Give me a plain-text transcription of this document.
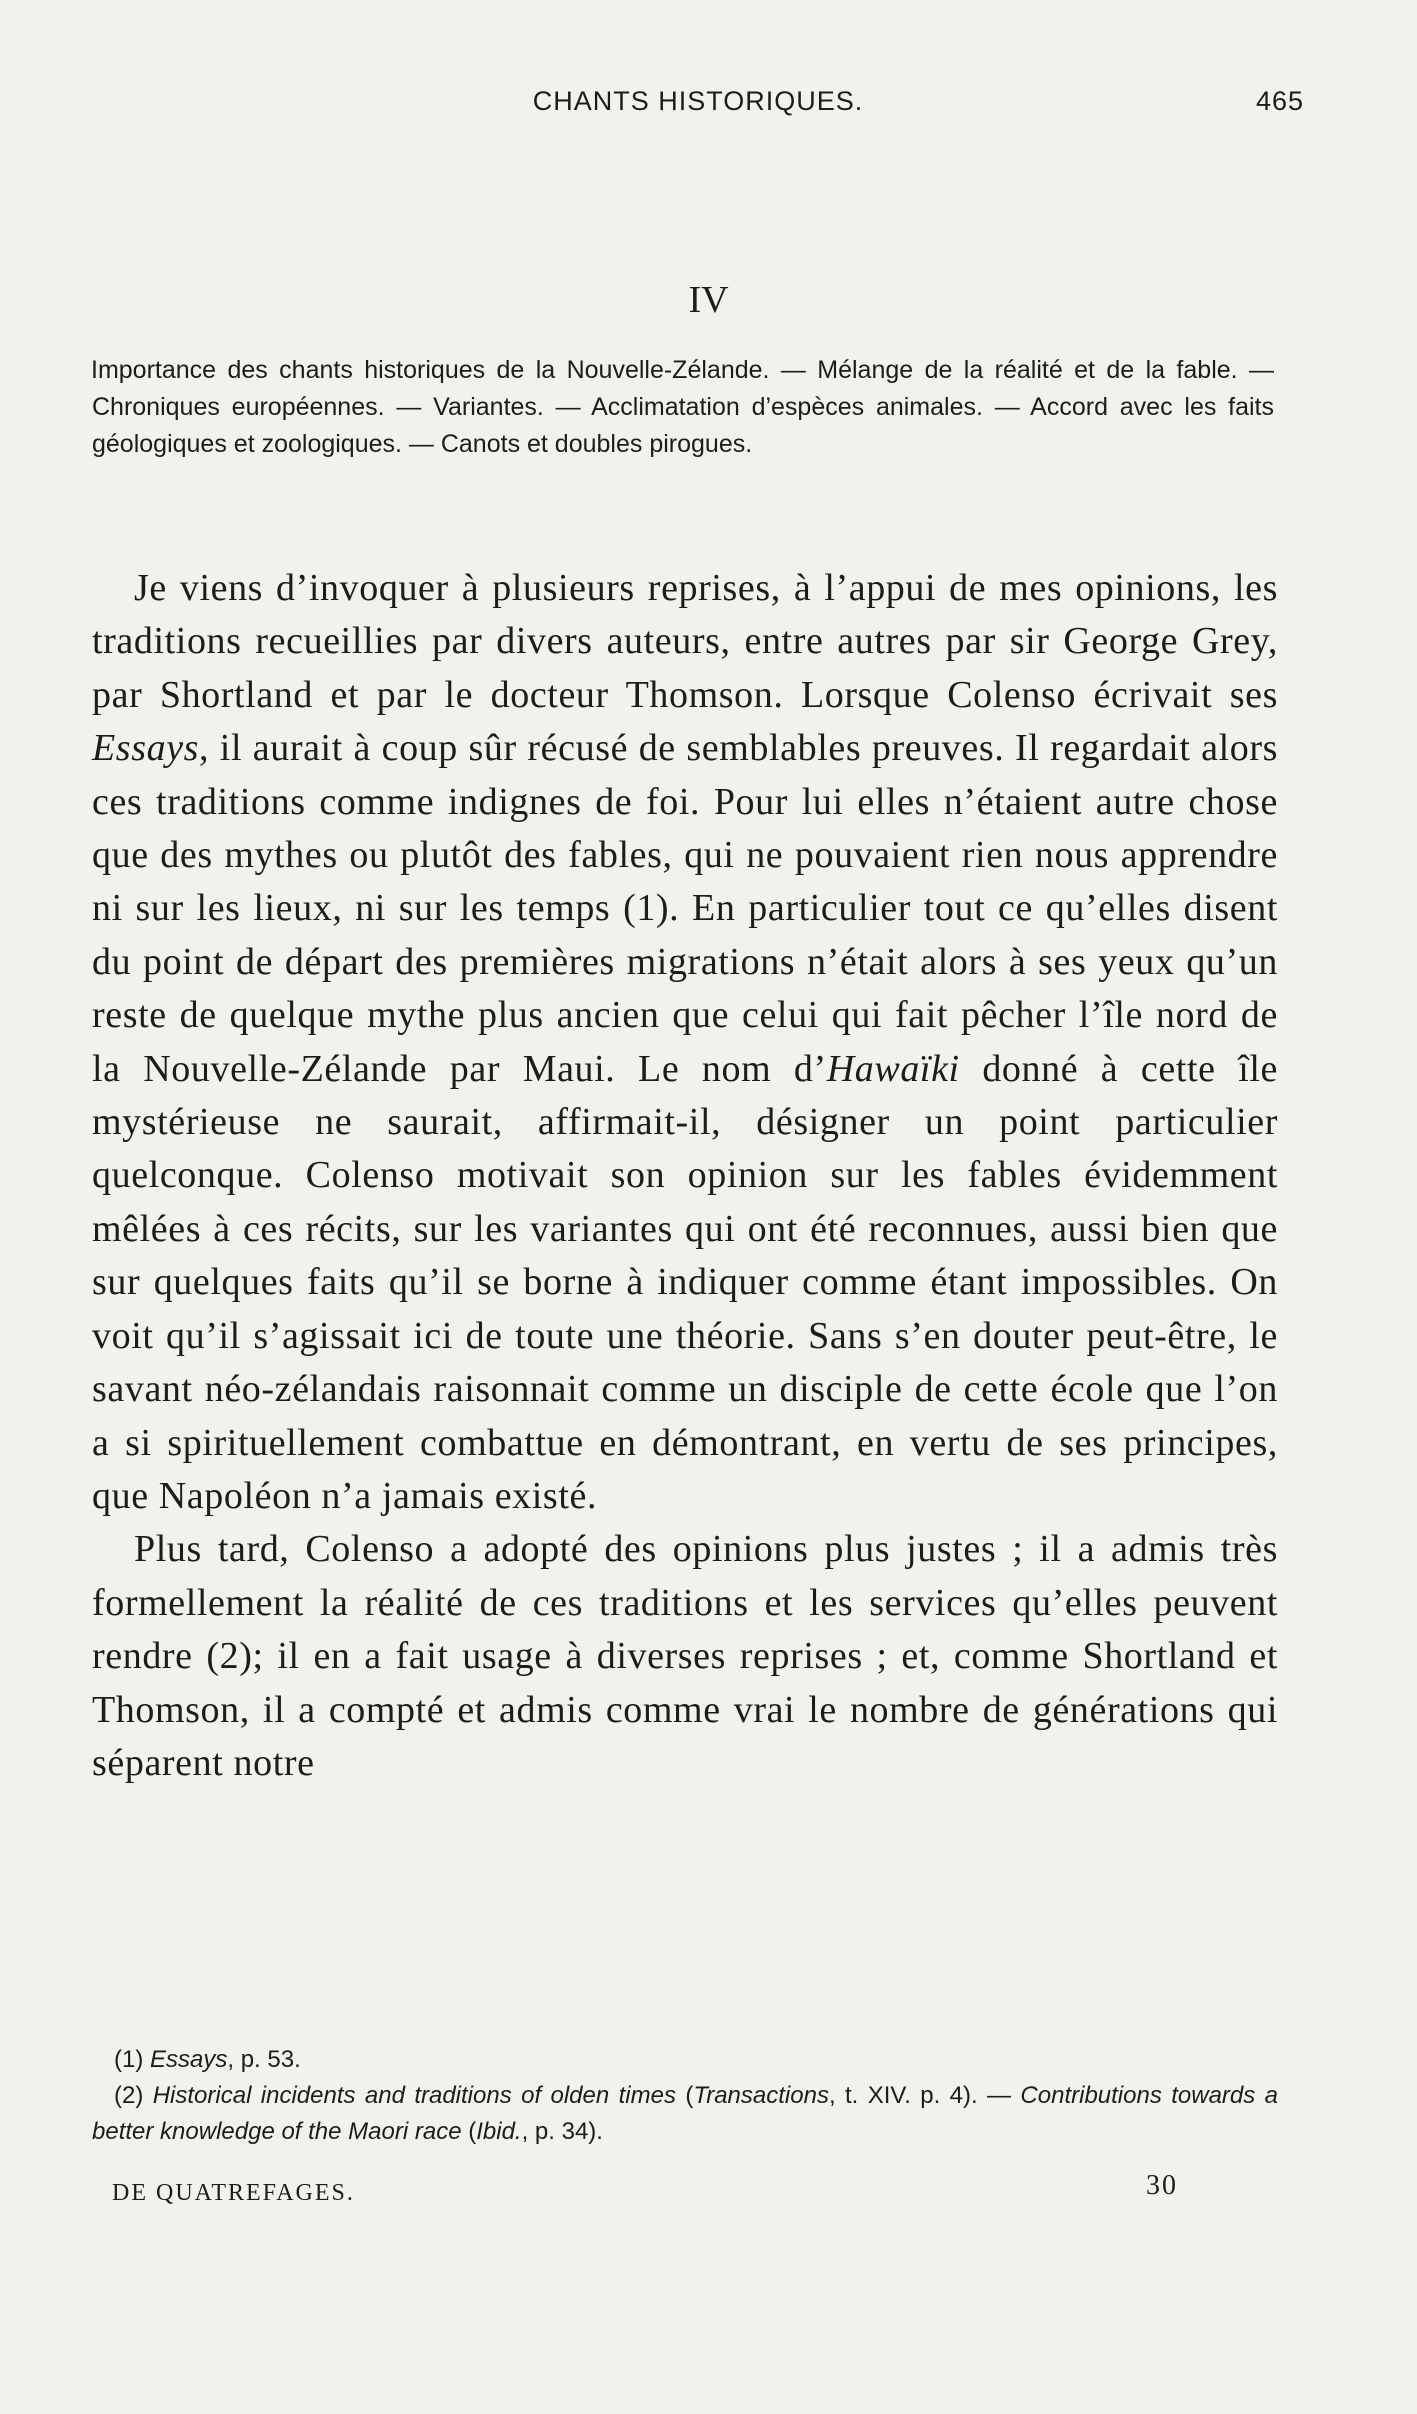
CHANTS HISTORIQUES.	465
IV
Importance des chants historiques de la Nouvelle-Zélande. — Mélange de la réalité et de la fable. — Chroniques européennes. — Variantes. — Acclimatation d’espèces animales. — Accord avec les faits géologiques et zoologiques. — Canots et doubles pirogues.

Je viens d’invoquer à plusieurs reprises, à l’appui de mes opinions, les traditions recueillies par divers auteurs, entre autres par sir George Grey, par Shortland et par le docteur Thomson. Lorsque Colenso écrivait ses Essays, il aurait à coup sûr récusé de semblables preuves. Il regardait alors ces traditions comme indignes de foi. Pour lui elles n’étaient autre chose que des mythes ou plutôt des fables, qui ne pouvaient rien nous apprendre ni sur les lieux, ni sur les temps (1). En particulier tout ce qu’elles disent du point de départ des premières migrations n’était alors à ses yeux qu’un reste de quelque mythe plus ancien que celui qui fait pêcher l’île nord de la Nouvelle-Zélande par Maui. Le nom d’Hawaïki donné à cette île mystérieuse ne saurait, affirmait-il, désigner un point particulier quelconque. Colenso motivait son opinion sur les fables évidemment mêlées à ces récits, sur les variantes qui ont été reconnues, aussi bien que sur quelques faits qu’il se borne à indiquer comme étant impossibles. On voit qu’il s’agissait ici de toute une théorie. Sans s’en douter peut-être, le savant néo-zélandais raisonnait comme un disciple de cette école que l’on a si spirituellement combattue en démontrant, en vertu de ses principes, que Napoléon n’a jamais existé.

Plus tard, Colenso a adopté des opinions plus justes ; il a admis très formellement la réalité de ces traditions et les services qu’elles peuvent rendre (2); il en a fait usage à diverses reprises ; et, comme Shortland et Thomson, il a compté et admis comme vrai le nombre de générations qui séparent notre

(1) Essays, p. 53.

(2) Historical incidents and traditions of olden times (Transactions, t. XIV. p. 4). — Contributions towards a better knowledge of the Maori race (Ibid., p. 34).

DE QUATREFAGES.	30
